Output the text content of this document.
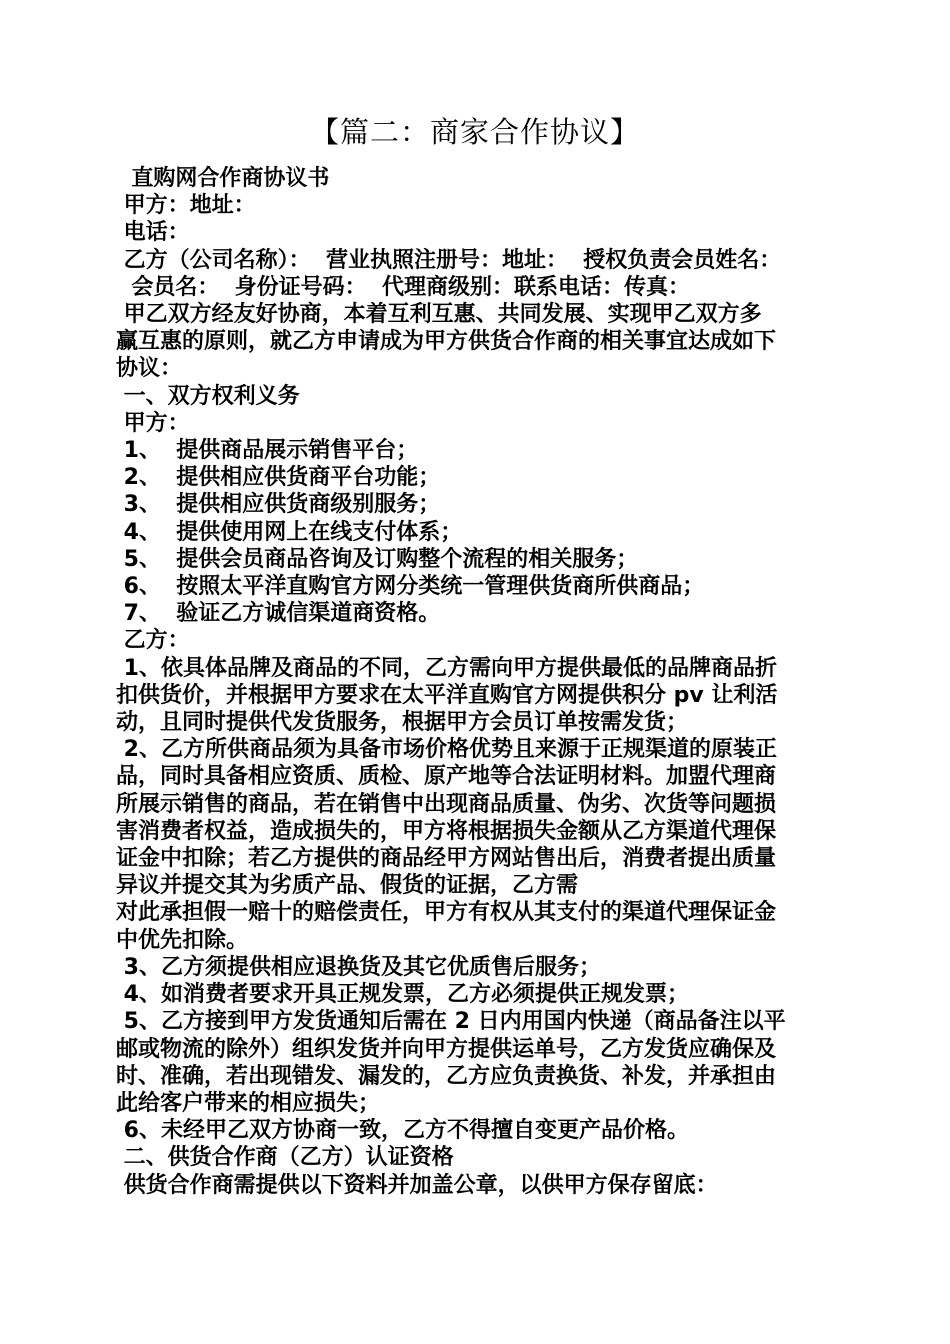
【篇二：商家合作协议】
直购网合作商协议书
甲方：地址：
电话：
乙方（公司名称）：  营业执照注册号：地址：  授权负责会员姓名：
会员名：  身份证号码：  代理商级别：联系电话：传真：
甲乙双方经友好协商，本着互利互惠、共同发展、实现甲乙双方多
赢互惠的原则，就乙方申请成为甲方供货合作商的相关事宜达成如下
协议：
一、双方权利义务
甲方：
1、  提供商品展示销售平台；
2、  提供相应供货商平台功能；
3、  提供相应供货商级别服务；
4、  提供使用网上在线支付体系；
5、  提供会员商品咨询及订购整个流程的相关服务；
6、  按照太平洋直购官方网分类统一管理供货商所供商品；
7、  验证乙方诚信渠道商资格。
乙方：
1、依具体品牌及商品的不同，乙方需向甲方提供最低的品牌商品折
扣供货价，并根据甲方要求在太平洋直购官方网提供积分 pv 让利活
动，且同时提供代发货服务，根据甲方会员订单按需发货；
2、乙方所供商品须为具备市场价格优势且来源于正规渠道的原装正
品，同时具备相应资质、质检、原产地等合法证明材料。加盟代理商
所展示销售的商品，若在销售中出现商品质量、伪劣、次货等问题损
害消费者权益，造成损失的，甲方将根据损失金额从乙方渠道代理保
证金中扣除；若乙方提供的商品经甲方网站售出后，消费者提出质量
异议并提交其为劣质产品、假货的证据，乙方需
对此承担假一赔十的赔偿责任，甲方有权从其支付的渠道代理保证金
中优先扣除。
3、乙方须提供相应退换货及其它优质售后服务；
4、如消费者要求开具正规发票，乙方必须提供正规发票；
5、乙方接到甲方发货通知后需在 2 日内用国内快递（商品备注以平
邮或物流的除外）组织发货并向甲方提供运单号，乙方发货应确保及
时、准确，若出现错发、漏发的，乙方应负责换货、补发，并承担由
此给客户带来的相应损失；
6、未经甲乙双方协商一致，乙方不得擅自变更产品价格。
二、供货合作商（乙方）认证资格
供货合作商需提供以下资料并加盖公章，以供甲方保存留底：
